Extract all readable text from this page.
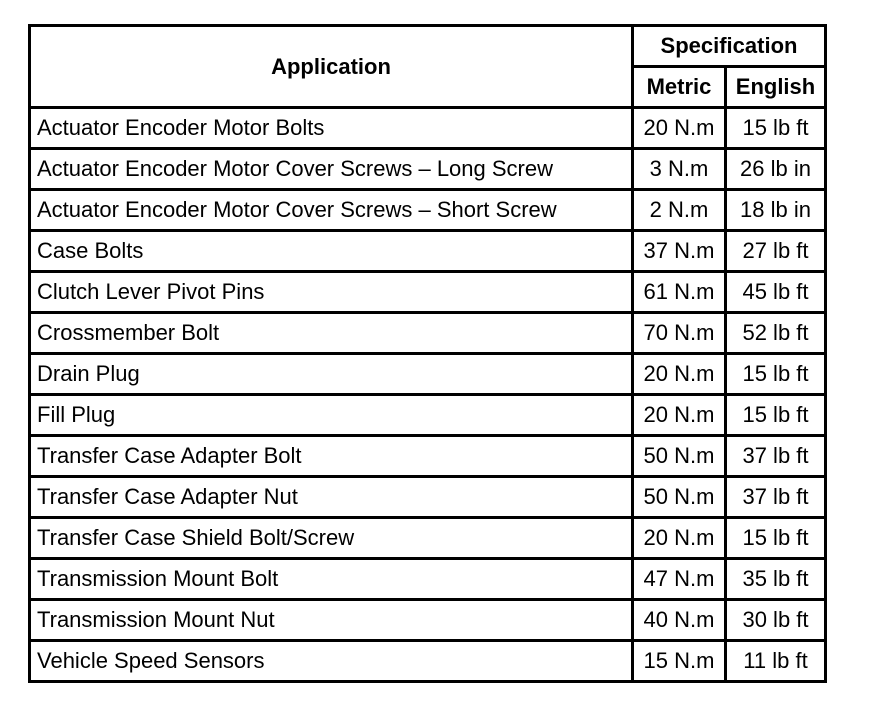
Application	Specification	
	Metric	English
Actuator Encoder Motor Bolts	20 N.m	15 lb ft
Actuator Encoder Motor Cover Screws – Long Screw	3 N.m	26 lb in
Actuator Encoder Motor Cover Screws – Short Screw	2 N.m	18 lb in
Case Bolts	37 N.m	27 lb ft
Clutch Lever Pivot Pins	61 N.m	45 lb ft
Crossmember Bolt	70 N.m	52 lb ft
Drain Plug	20 N.m	15 lb ft
Fill Plug	20 N.m	15 lb ft
Transfer Case Adapter Bolt	50 N.m	37 lb ft
Transfer Case Adapter Nut	50 N.m	37 lb ft
Transfer Case Shield Bolt/Screw	20 N.m	15 lb ft
Transmission Mount Bolt	47 N.m	35 lb ft
Transmission Mount Nut	40 N.m	30 lb ft
Vehicle Speed Sensors	15 N.m	11 lb ft
